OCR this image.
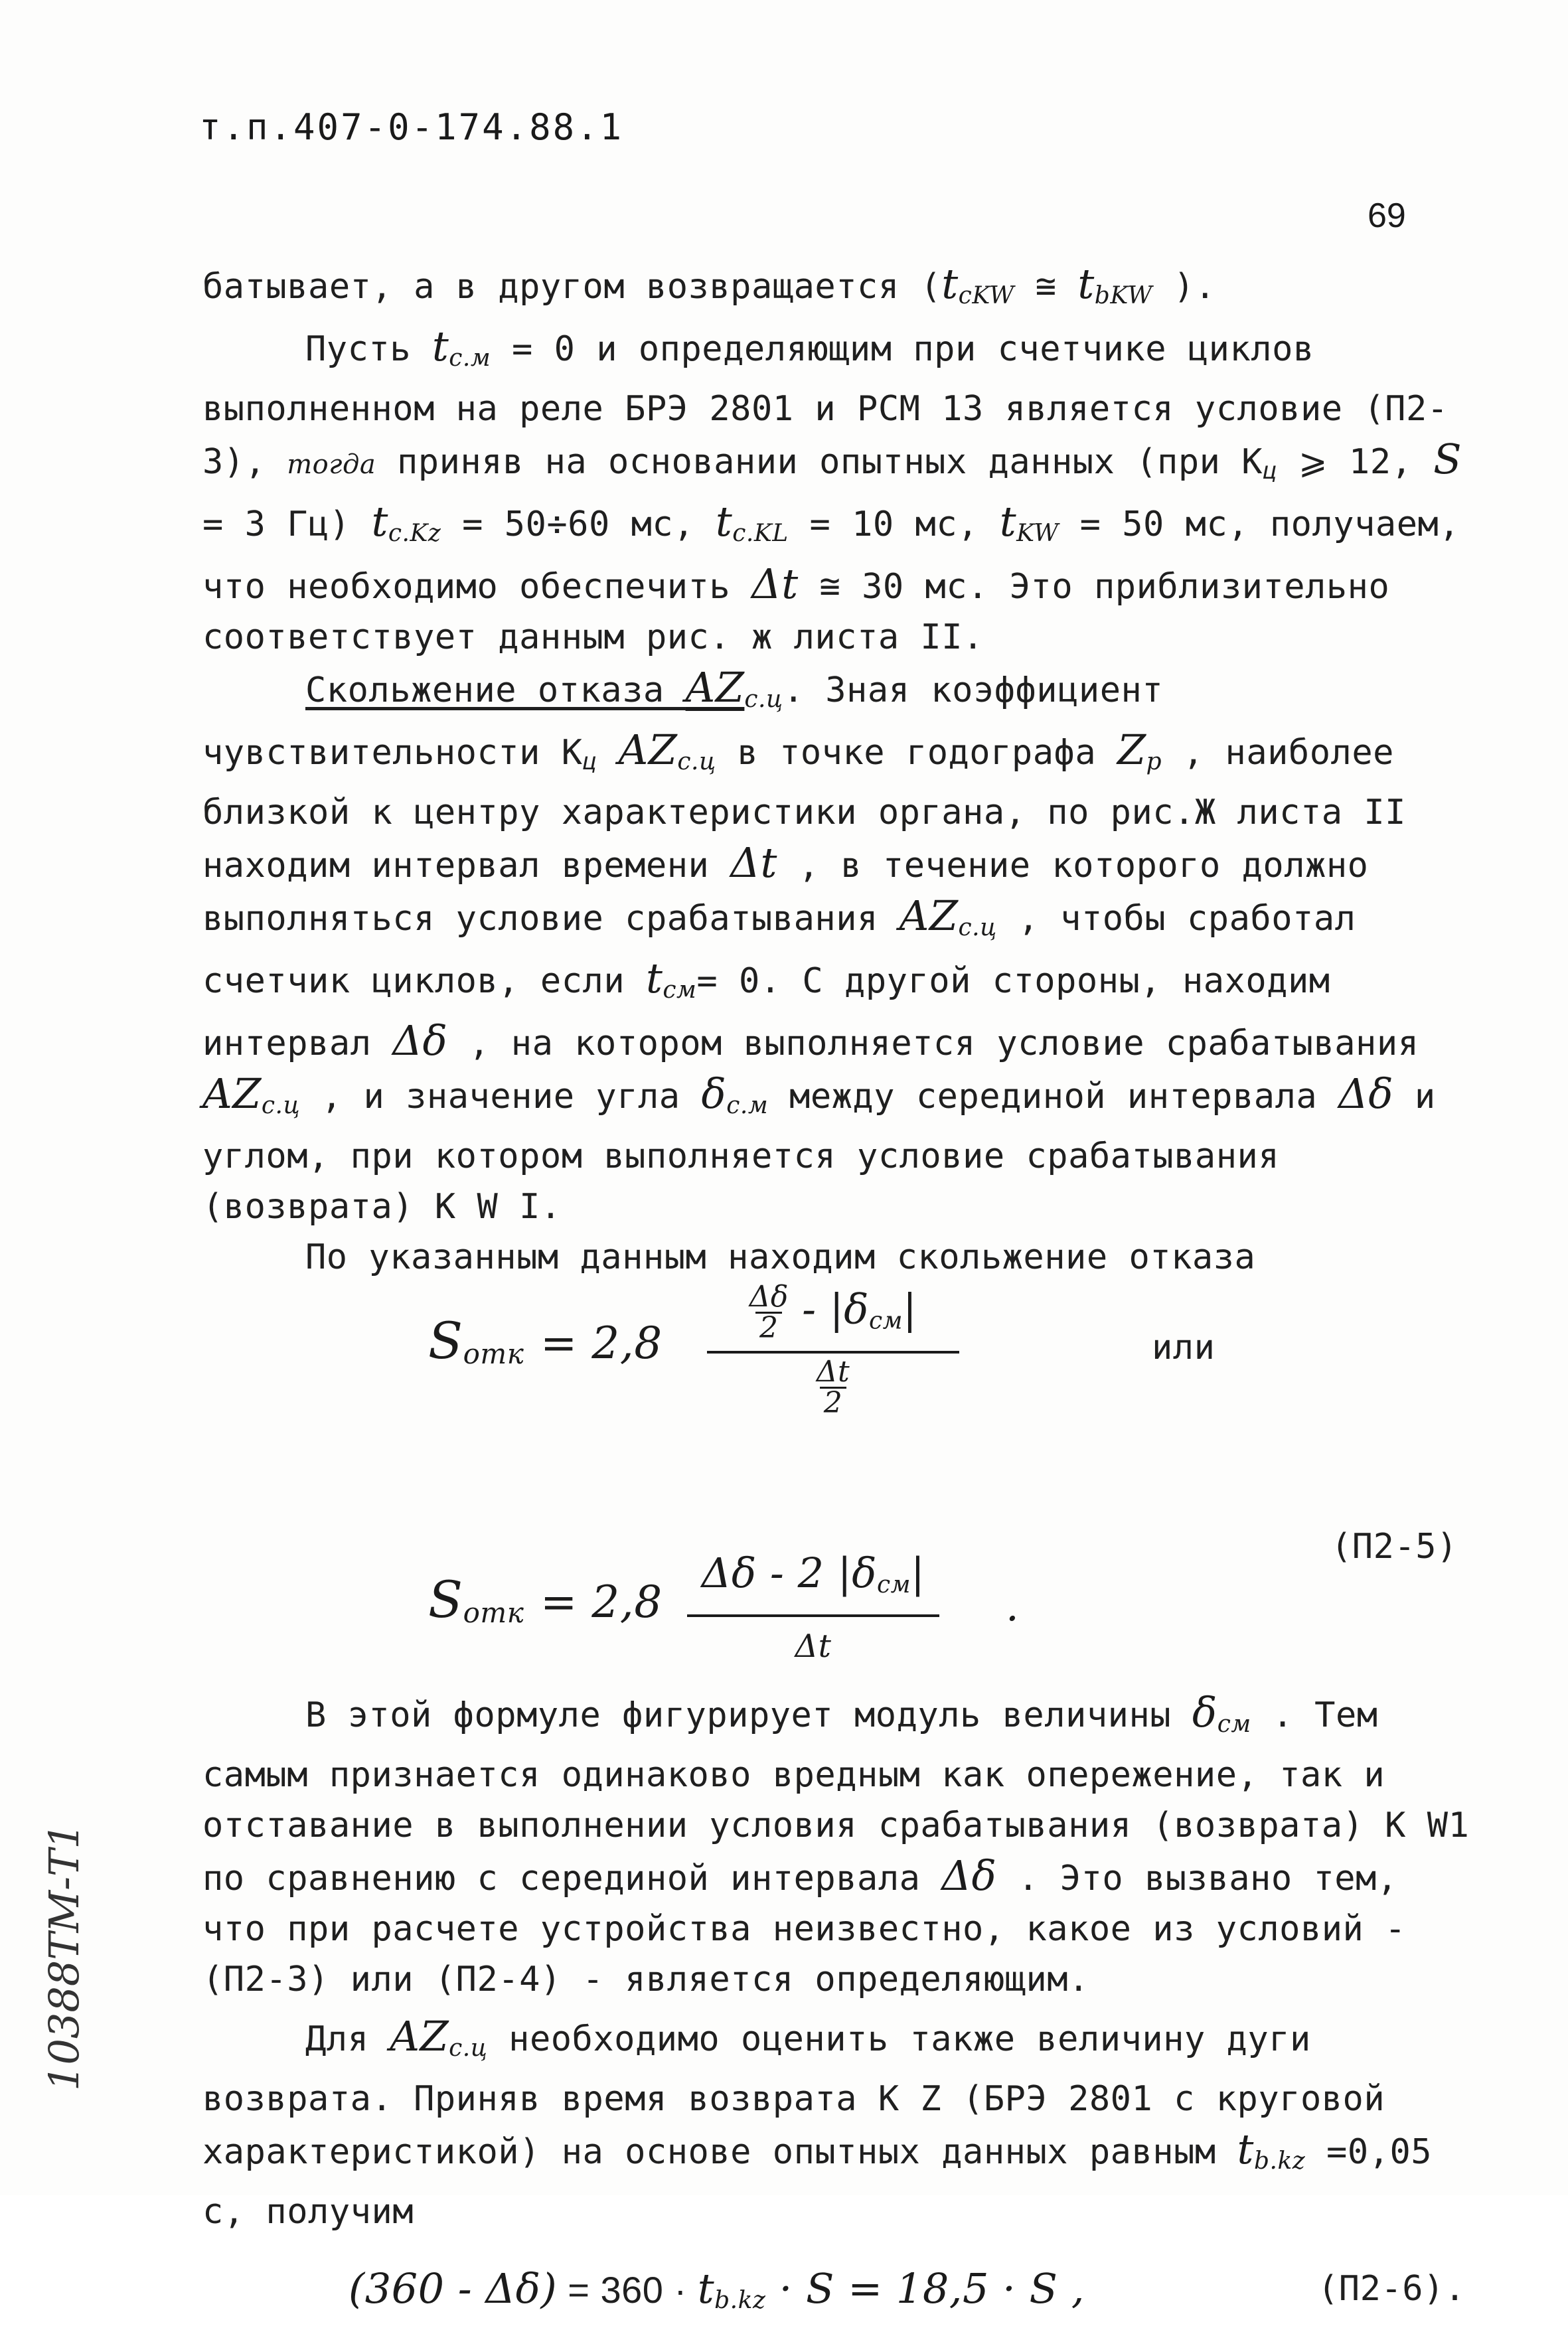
т.п.407-0-174.88.1
69

батывает, а в другом возвращается (tcKW ≅ tbKW ).

Пусть tc.м = 0 и определяющим при счетчике циклов выполненном на реле БРЭ 2801 и РСМ 13 является условие (П2-3), тогда приняв на основании опытных данных (при Кц ⩾ 12, S = 3 Гц) tc.Kz = 50÷60 мс, tc.KL = 10 мс, tKW = 50 мс, получаем, что необходимо обеспечить Δt ≅ 30 мс. Это приблизительно соответствует данным рис. ж листа II.

Скольжение отказа AZc.ц. Зная коэффициент чувствительности Кц AZc.ц в точке годографа Zp , наиболее близкой к центру характеристики органа, по рис.Ж листа II находим интервал времени Δt , в течение которого должно выполняться условие срабатывания AZc.ц , чтобы сработал счетчик циклов, если tcм= 0. С другой стороны, находим интервал Δδ , на котором выполняется условие срабатывания AZc.ц , и значение угла δc.м между серединой интервала Δδ и углом, при котором выполняется условие срабатывания (возврата) K W I.

По указанным данным находим скольжение отказа

Sотк = 2,8
$\frac{\Delta\delta}{2} - |\delta см|$
Δt
2
или
Sотк = 2,8
Δδ - 2 |δсм|
Δt
.
(П2-5)

В этой формуле фигурирует модуль величины δсм . Тем самым признается одинаково вредным как опережение, так и отставание в выполнении условия срабатывания (возврата) K W1 по сравнению с серединой интервала Δδ . Это вызвано тем, что при расчете устройства неизвестно, какое из условий - (П2-3) или (П2-4) - является определяющим.

Для AZc.ц необходимо оценить также величину дуги возврата. Приняв время возврата K Z (БРЭ 2801 с круговой характеристикой) на основе опытных данных равным tb.kz =0,05 с, получим

(360 - Δδ) = 360 · tb.kz · S = 18,5 · S ,	(П2-6).
10388ТМ-Т1
